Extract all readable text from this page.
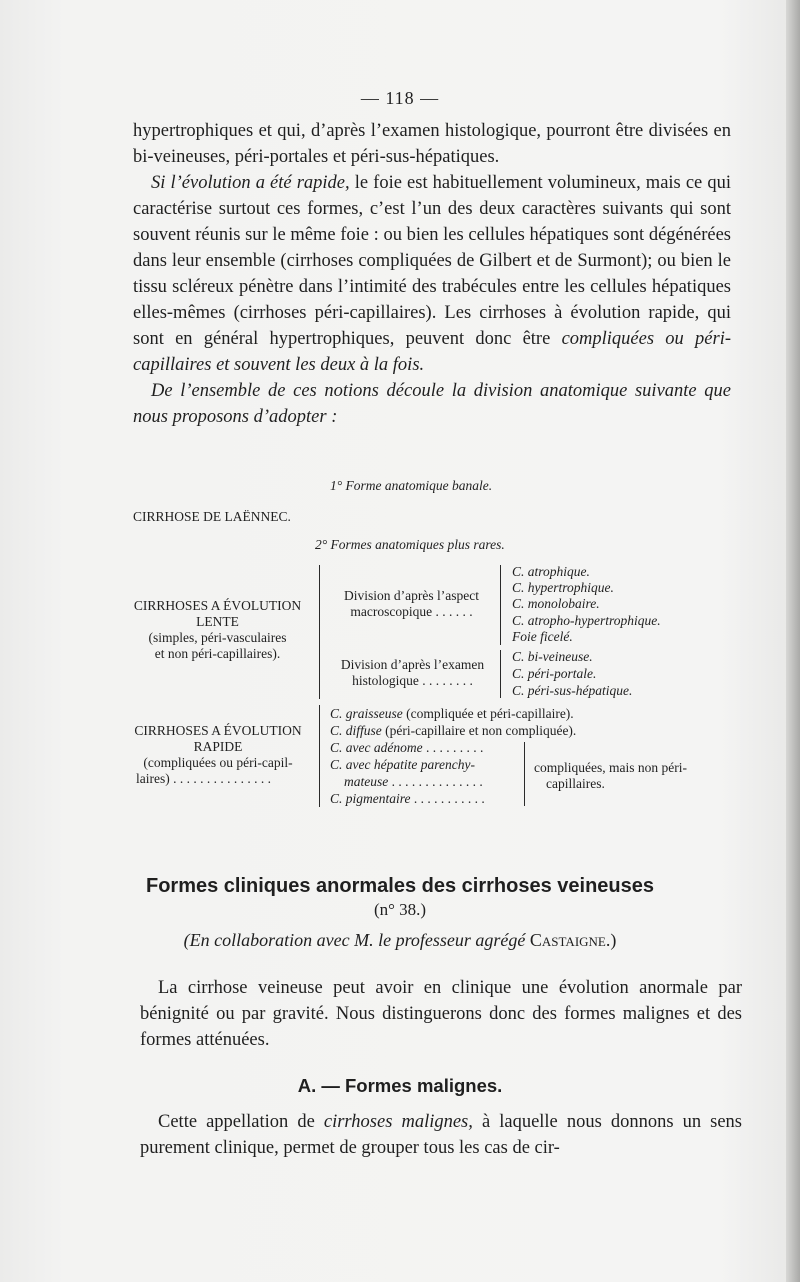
— 118 —

hypertrophiques et qui, d’après l’examen histologique, pourront être divisées en bi-veineuses, péri-portales et péri-sus-hépatiques.

Si l’évolution a été rapide, le foie est habituellement volumineux, mais ce qui caractérise surtout ces formes, c’est l’un des deux caractères suivants qui sont souvent réunis sur le même foie : ou bien les cellules hépatiques sont dégénérées dans leur ensemble (cirrhoses compliquées de Gilbert et de Surmont); ou bien le tissu scléreux pénètre dans l’intimité des trabécules entre les cellules hépatiques elles-mêmes (cirrhoses péri-capillaires). Les cirrhoses à évolution rapide, qui sont en général hypertrophiques, peuvent donc être compliquées ou péri-capillaires et souvent les deux à la fois.

De l’ensemble de ces notions découle la division anatomique suivante que nous proposons d’adopter :

1° Forme anatomique banale.
CIRRHOSE DE LAËNNEC.
2° Formes anatomiques plus rares.
CIRRHOSES A ÉVOLUTION
LENTE
(simples, péri-vasculaires
et non péri-capillaires).
Division d’après l’aspect
macroscopique . . . . . .
C. atrophique.
C. hypertrophique.
C. monolobaire.
C. atropho-hypertrophique.
Foie ficelé.
Division d’après l’examen
histologique . . . . . . . .
C. bi-veineuse.
C. péri-portale.
C. péri-sus-hépatique.
CIRRHOSES A ÉVOLUTION
RAPIDE
(compliquées ou péri-capil-
laires) . . . . . . . . . . . . . . .
C. graisseuse (compliquée et péri-capillaire).
C. diffuse (péri-capillaire et non compliquée).
C. avec adénome . . . . . . . . .
C. avec hépatite parenchy-
mateuse . . . . . . . . . . . . . .
C. pigmentaire . . . . . . . . . . .
compliquées, mais non péri-
capillaires.
Formes cliniques anormales des cirrhoses veineuses
(n° 38.)
(En collaboration avec M. le professeur agrégé Castaigne.)

La cirrhose veineuse peut avoir en clinique une évolution anormale par bénignité ou par gravité. Nous distinguerons donc des formes malignes et des formes atténuées.

A. — Formes malignes.

Cette appellation de cirrhoses malignes, à laquelle nous donnons un sens purement clinique, permet de grouper tous les cas de cir-
